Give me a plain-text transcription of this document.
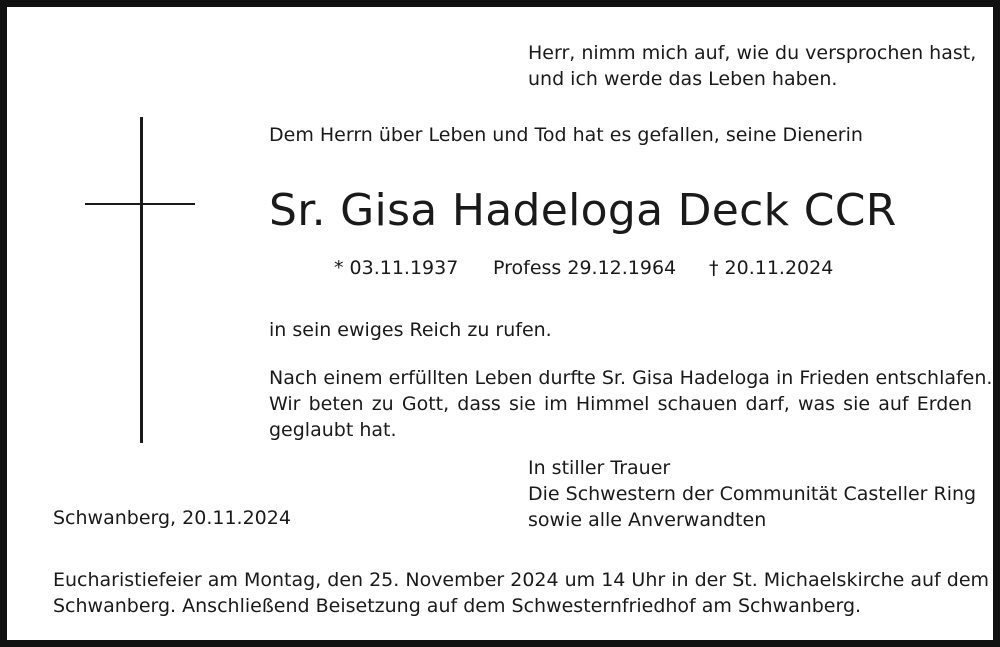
Herr, nimm mich auf, wie du versprochen hast,
und ich werde das Leben haben.
Dem Herrn über Leben und Tod hat es gefallen, seine Dienerin
Sr. Gisa Hadeloga Deck CCR
* 03.11.1937 Profess 29.12.1964 † 20.11.2024
in sein ewiges Reich zu rufen.
Nach einem erfüllten Leben durfte Sr. Gisa Hadeloga in Frieden entschlafen.
Wir beten zu Gott, dass sie im Himmel schauen darf, was sie auf Erden
geglaubt hat.
In stiller Trauer
Die Schwestern der Communität Casteller Ring
sowie alle Anverwandten
Schwanberg, 20.11.2024
Eucharistiefeier am Montag, den 25. November 2024 um 14 Uhr in der St. Michaelskirche auf dem
Schwanberg. Anschließend Beisetzung auf dem Schwesternfriedhof am Schwanberg.
